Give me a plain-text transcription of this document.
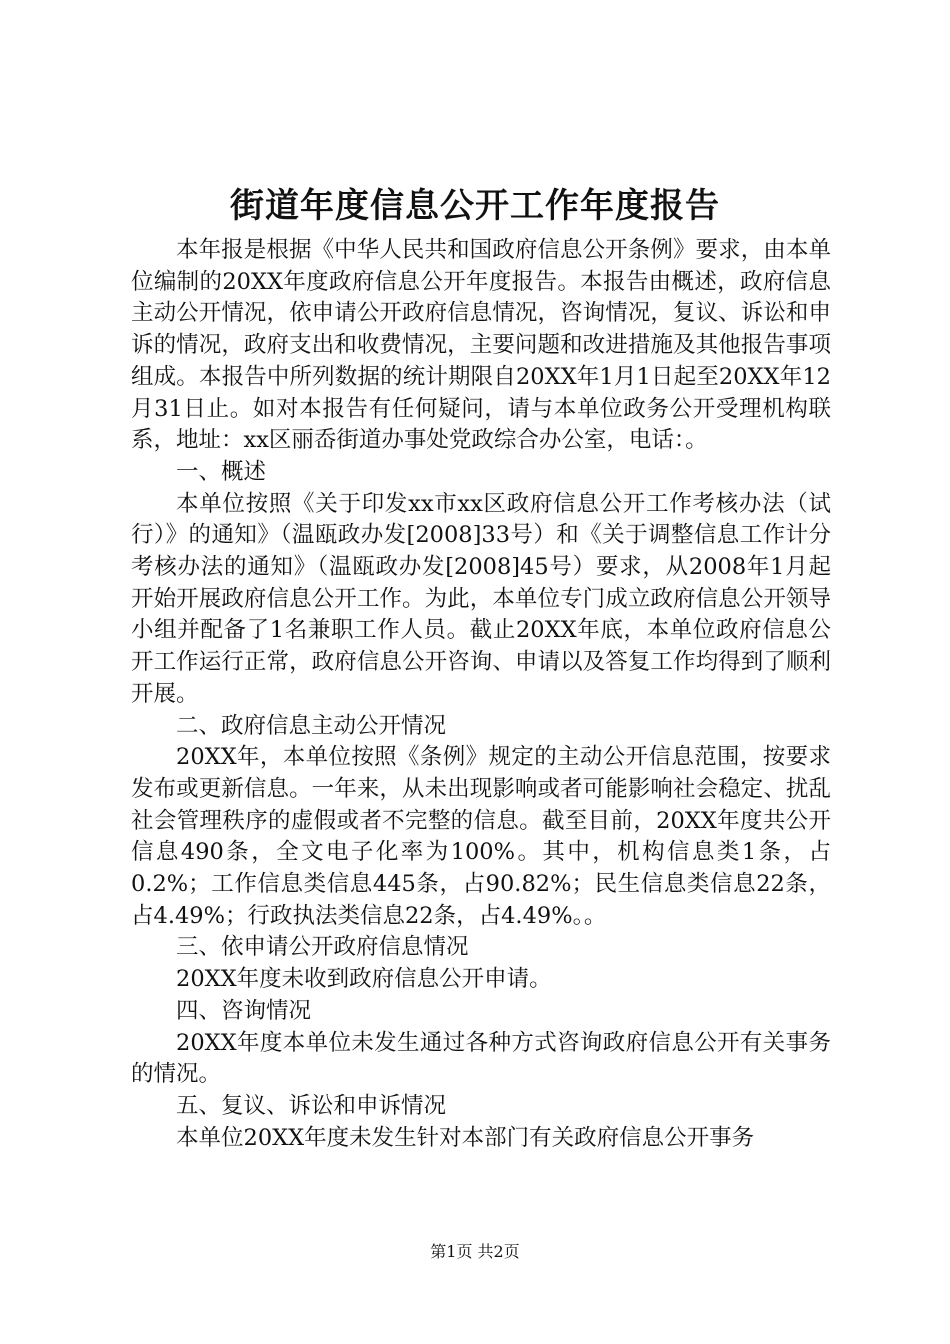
街道年度信息公开工作年度报告

本年报是根据《中华人民共和国政府信息公开条例》要求，由本单位编制的20XX年度政府信息公开年度报告。本报告由概述，政府信息主动公开情况，依申请公开政府信息情况，咨询情况，复议、诉讼和申诉的情况，政府支出和收费情况，主要问题和改进措施及其他报告事项组成。本报告中所列数据的统计期限自20XX年1月1日起至20XX年12月31日止。如对本报告有任何疑问，请与本单位政务公开受理机构联系，地址：xx区丽岙街道办事处党政综合办公室，电话：。

一、概述

本单位按照《关于印发xx市xx区政府信息公开工作考核办法（试行）》的通知》（温瓯政办发[2008]33号）和《关于调整信息工作计分考核办法的通知》（温瓯政办发[2008]45号）要求，从2008年1月起开始开展政府信息公开工作。为此，本单位专门成立政府信息公开领导小组并配备了1名兼职工作人员。截止20XX年底，本单位政府信息公开工作运行正常，政府信息公开咨询、申请以及答复工作均得到了顺利开展。

二、政府信息主动公开情况

20XX年，本单位按照《条例》规定的主动公开信息范围，按要求发布或更新信息。一年来，从未出现影响或者可能影响社会稳定、扰乱社会管理秩序的虚假或者不完整的信息。截至目前，20XX年度共公开信息490条，全文电子化率为100%。其中，机构信息类1条，占0.2%；工作信息类信息445条，占90.82%；民生信息类信息22条，占4.49%；行政执法类信息22条，占4.49%。。

三、依申请公开政府信息情况

20XX年度未收到政府信息公开申请。

四、咨询情况

20XX年度本单位未发生通过各种方式咨询政府信息公开有关事务的情况。

五、复议、诉讼和申诉情况

本单位20XX年度未发生针对本部门有关政府信息公开事务

第1页 共2页
